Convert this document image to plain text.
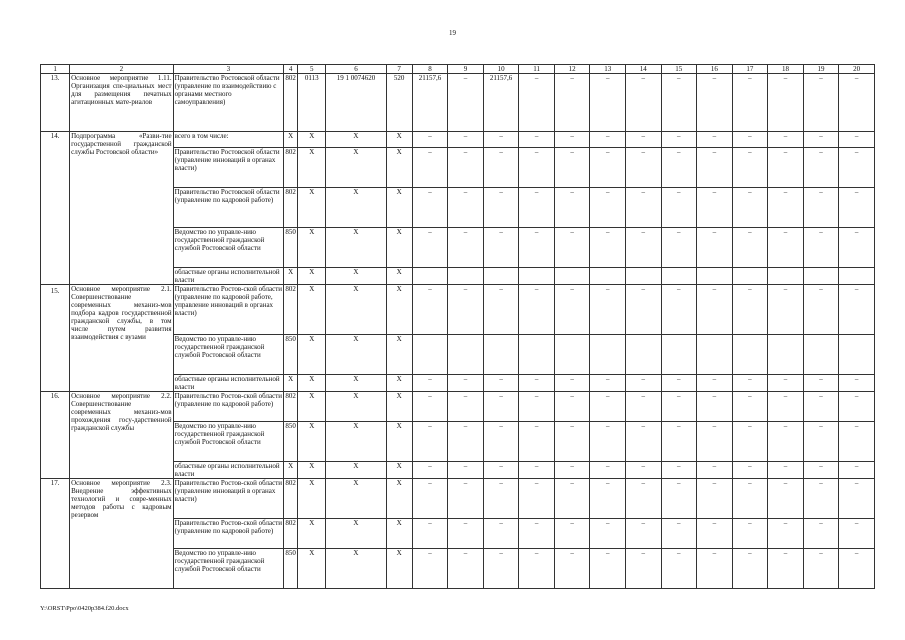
19
1	2	3	4	5	6	7	8	9	10	11	12	13	14	15	16	17	18	19	20
13.	Основное мероприятие 1.11. Организация спе-циальных мест для размещения печатных агитационных мате-риалов	Правительство Ростовской области (управление по взаимодействию с органами местного самоуправления)	802	0113	19 1 0074620	520	21157,6	–	21157,6	–	–	–	–	–	–	–	–	–	–
14.	Подпрограмма «Разви-тие государственной гражданской службы Ростовской области»	всего в том числе:	X	X	X	X	–	–	–	–	–	–	–	–	–	–	–	–	–
		Правительство Ростовской области (управление инноваций в органах власти)	802	X	X	X	–	–	–	–	–	–	–	–	–	–	–	–	–
		Правительство Ростовской области (управление по кадровой работе)	802	X	X	X	–	–	–	–	–	–	–	–	–	–	–	–	–
		Ведомство по управле-нию государственной гражданской службой Ростовской области	850	X	X	X	–	–	–	–	–	–	–	–	–	–	–	–	–
		областные органы исполнительной власти	X	X	X	X													
15.	Основное мероприятие 2.1. Совершенствование современных механиз-мов подбора кадров государственной гражданской службы, в том числе путем развития взаимодействия с вузами	Правительство Ростов-ской области (управление по кадровой работе, управление инноваций в органах власти)	802	X	X	X	–	–	–	–	–	–	–	–	–	–	–	–	–
		Ведомство по управле-нию государственной гражданской службой Ростовской области	850	X	X	X													
		областные органы исполнительной власти	X	X	X	X	–	–	–	–	–	–	–	–	–	–	–	–	–
16.	Основное мероприятие 2.2. Совершенствование современных механиз-мов прохождения госу-дарственной гражданской службы	Правительство Ростов-ской области (управление по кадровой работе)	802	X	X	X	–	–	–	–	–	–	–	–	–	–	–	–	–
		Ведомство по управле-нию государственной гражданской службой Ростовской области	850	X	X	X	–	–	–	–	–	–	–	–	–	–	–	–	–
		областные органы исполнительной власти	X	X	X	X	–	–	–	–	–	–	–	–	–	–	–	–	–
17.	Основное мероприятие 2.3. Внедрение эффективных технологий и совре-менных методов работы с кадровым резервом	Правительство Ростов-ской области (управление инноваций в органах власти)	802	X	X	X	–	–	–	–	–	–	–	–	–	–	–	–	–
		Правительство Ростов-ской области (управление по кадровой работе)	802	X	X	X	–	–	–	–	–	–	–	–	–	–	–	–	–
		Ведомство по управле-нию государственной гражданской службой Ростовской области	850	X	X	X	–	–	–	–	–	–	–	–	–	–	–	–	–
Y:\ORST\Ppo\0420p384.f20.docx
